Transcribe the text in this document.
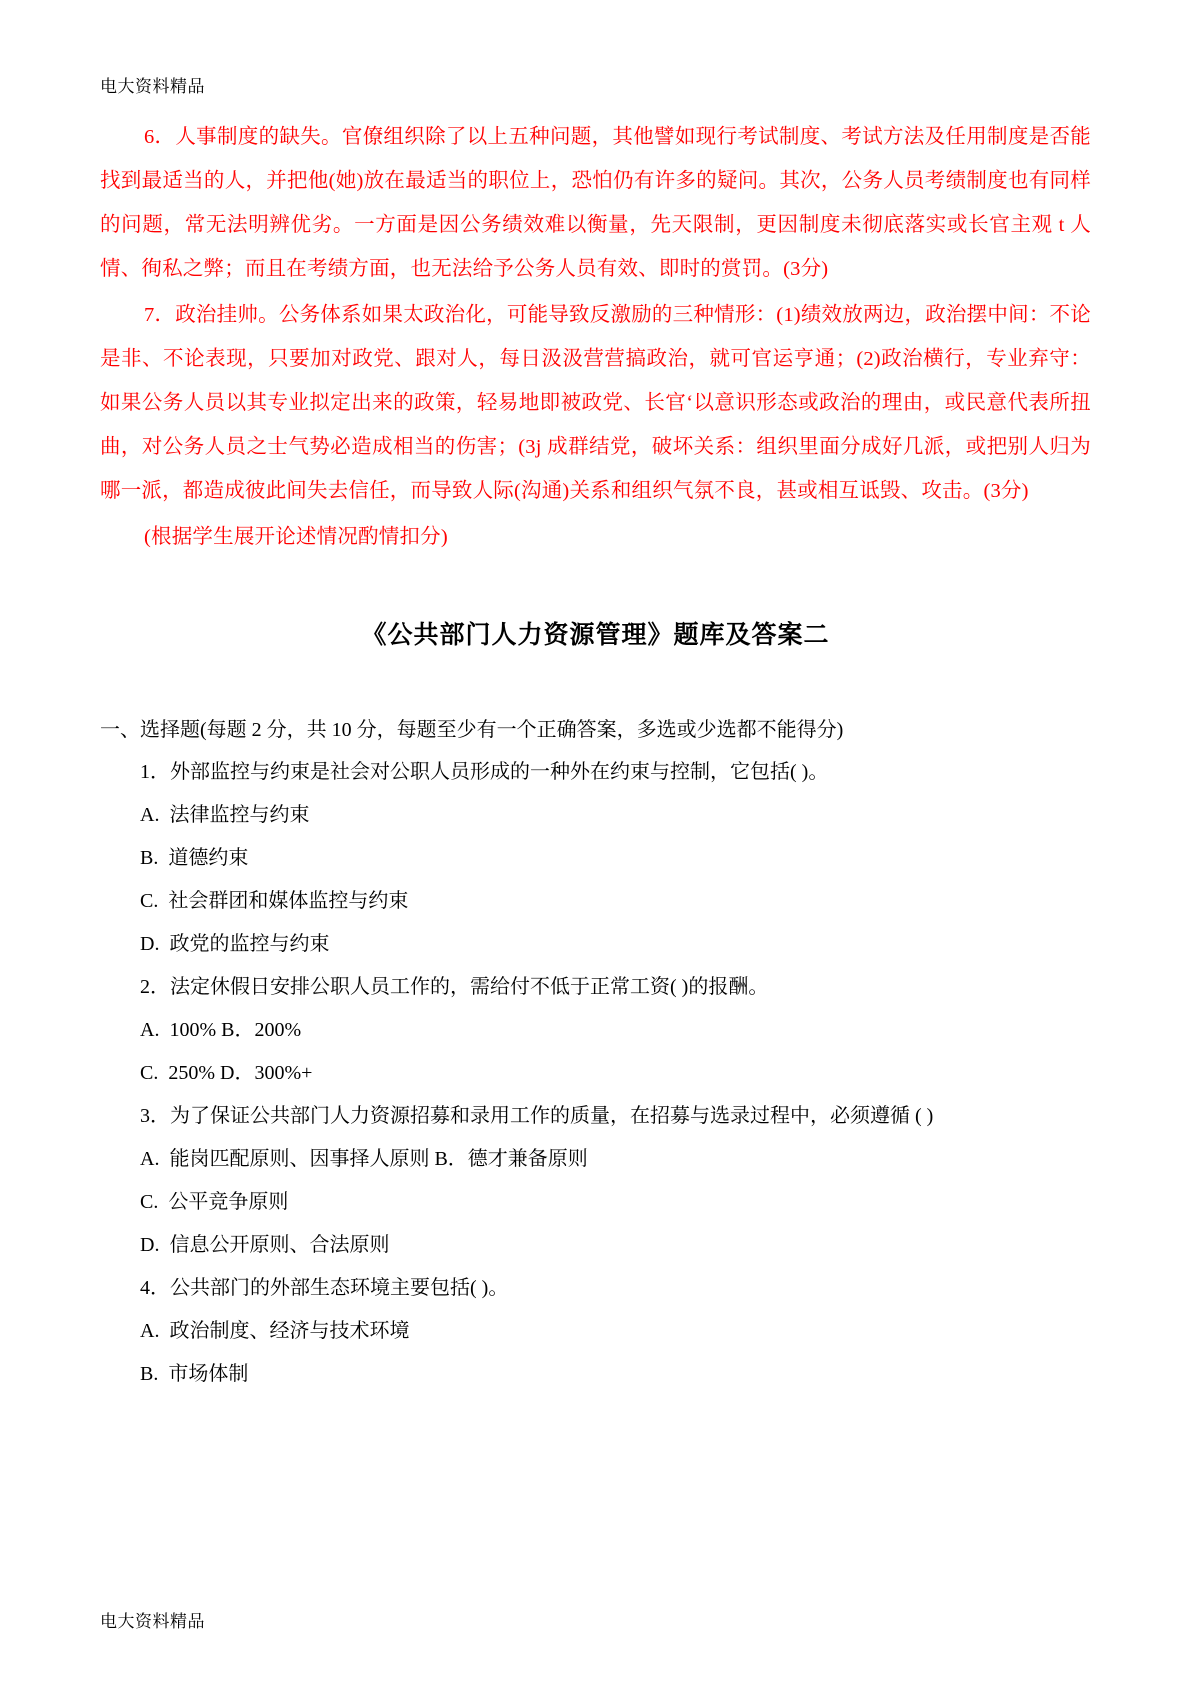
电大资料精品

6．人事制度的缺失。官僚组织除了以上五种问题，其他譬如现行考试制度、考试方法及任用制度是否能找到最适当的人，并把他(她)放在最适当的职位上，恐怕仍有许多的疑问。其次，公务人员考绩制度也有同样的问题，常无法明辨优劣。一方面是因公务绩效难以衡量，先天限制，更因制度未彻底落实或长官主观 t 人情、徇私之弊；而且在考绩方面，也无法给予公务人员有效、即时的赏罚。(3分)

7．政治挂帅。公务体系如果太政治化，可能导致反激励的三种情形：(1)绩效放两边，政治摆中间：不论是非、不论表现，只要加对政党、跟对人，每日汲汲营营搞政治，就可官运亨通；(2)政治横行，专业弃守：如果公务人员以其专业拟定出来的政策，轻易地即被政党、长官‘以意识形态或政治的理由，或民意代表所扭曲，对公务人员之士气势必造成相当的伤害；(3j 成群结党，破坏关系：组织里面分成好几派，或把别人归为哪一派，都造成彼此间失去信任，而导致人际(沟通)关系和组织气氛不良，甚或相互诋毁、攻击。(3分)

(根据学生展开论述情况酌情扣分)

《公共部门人力资源管理》题库及答案二
一、选择题(每题 2 分，共 10 分，每题至少有一个正确答案，多选或少选都不能得分)

1．外部监控与约束是社会对公职人员形成的一种外在约束与控制，它包括( )。

A. 法律监控与约束

B. 道德约束

C. 社会群团和媒体监控与约束

D. 政党的监控与约束

2．法定休假日安排公职人员工作的，需给付不低于正常工资( )的报酬。

A. 100% B．200%

C. 250% D．300%+

3．为了保证公共部门人力资源招募和录用工作的质量，在招募与选录过程中，必须遵循 ( )

A. 能岗匹配原则、因事择人原则 B．德才兼备原则

C. 公平竞争原则

D. 信息公开原则、合法原则

4．公共部门的外部生态环境主要包括( )。

A. 政治制度、经济与技术环境

B. 市场体制

电大资料精品
